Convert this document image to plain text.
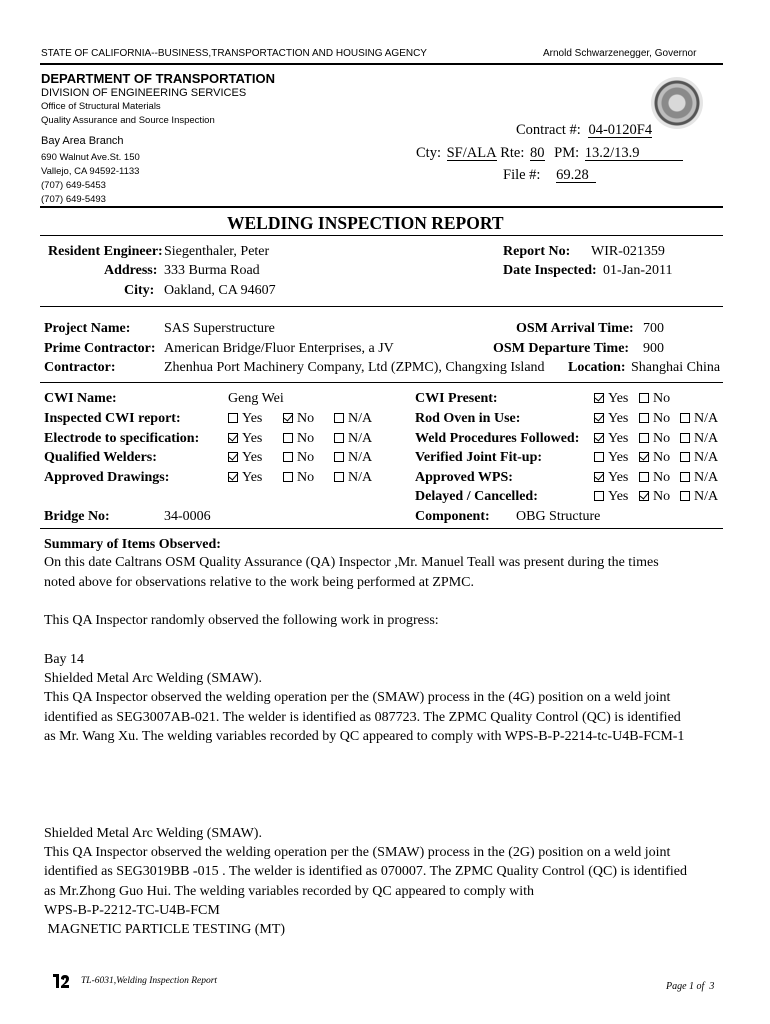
STATE OF CALIFORNIA--BUSINESS,TRANSPORTACTION AND HOUSING AGENCY	Arnold Schwarzenegger, Governor
DEPARTMENT OF TRANSPORTATION
DIVISION OF ENGINEERING SERVICES
Office of Structural Materials
Quality Assurance and Source Inspection
Bay Area Branch
690 Walnut Ave.St. 150
Vallejo, CA 94592-1133
(707) 649-5453
(707) 649-5493
Contract #: 04-0120F4
Cty: SF/ALA Rte: 80 PM: 13.2/13.9
File #: 69.28
WELDING INSPECTION REPORT
Resident Engineer: Siegenthaler, Peter
Address: 333 Burma Road
City: Oakland, CA 94607
Report No: WIR-021359
Date Inspected: 01-Jan-2011
Project Name: SAS Superstructure
Prime Contractor: American Bridge/Fluor Enterprises, a JV
Contractor:	Zhenhua Port Machinery Company, Ltd (ZPMC), Changxing Island
OSM Arrival Time: 700
OSM Departure Time: 900
Location: Shanghai China
CWI Name:	Geng Wei
Inspected CWI report:	Yes No N/A
Electrode to specification:	Yes No N/A
Qualified Welders:	Yes No N/A
Approved Drawings:	Yes No N/A
CWI Present:	Yes No
Rod Oven in Use:	Yes No N/A
Weld Procedures Followed:	Yes No N/A
Verified Joint Fit-up:	Yes No N/A
Approved WPS:	Yes No N/A
Delayed / Cancelled:	Yes No N/A
Bridge No:	34-0006	Component: OBG Structure
Summary of Items Observed:
On this date Caltrans OSM Quality Assurance (QA) Inspector ,Mr. Manuel Teall was present during the times
noted above for observations relative to the work being performed at ZPMC.
This QA Inspector randomly observed the following work in progress:
Bay 14
Shielded Metal Arc Welding (SMAW).
This QA Inspector observed the welding operation per the (SMAW) process in the (4G) position on a weld joint
identified as SEG3007AB-021. The welder is identified as 087723. The ZPMC Quality Control (QC) is identified
as Mr. Wang Xu. The welding variables recorded by QC appeared to comply with WPS-B-P-2214-tc-U4B-FCM-1
Shielded Metal Arc Welding (SMAW).
This QA Inspector observed the welding operation per the (SMAW) process in the (2G) position on a weld joint
identified as SEG3019BB -015 . The welder is identified as 070007. The ZPMC Quality Control (QC) is identified
as Mr.Zhong Guo Hui. The welding variables recorded by QC appeared to comply with
WPS-B-P-2212-TC-U4B-FCM
MAGNETIC PARTICLE TESTING (MT)
TL-6031,Welding Inspection Report	Page 1 of  3
